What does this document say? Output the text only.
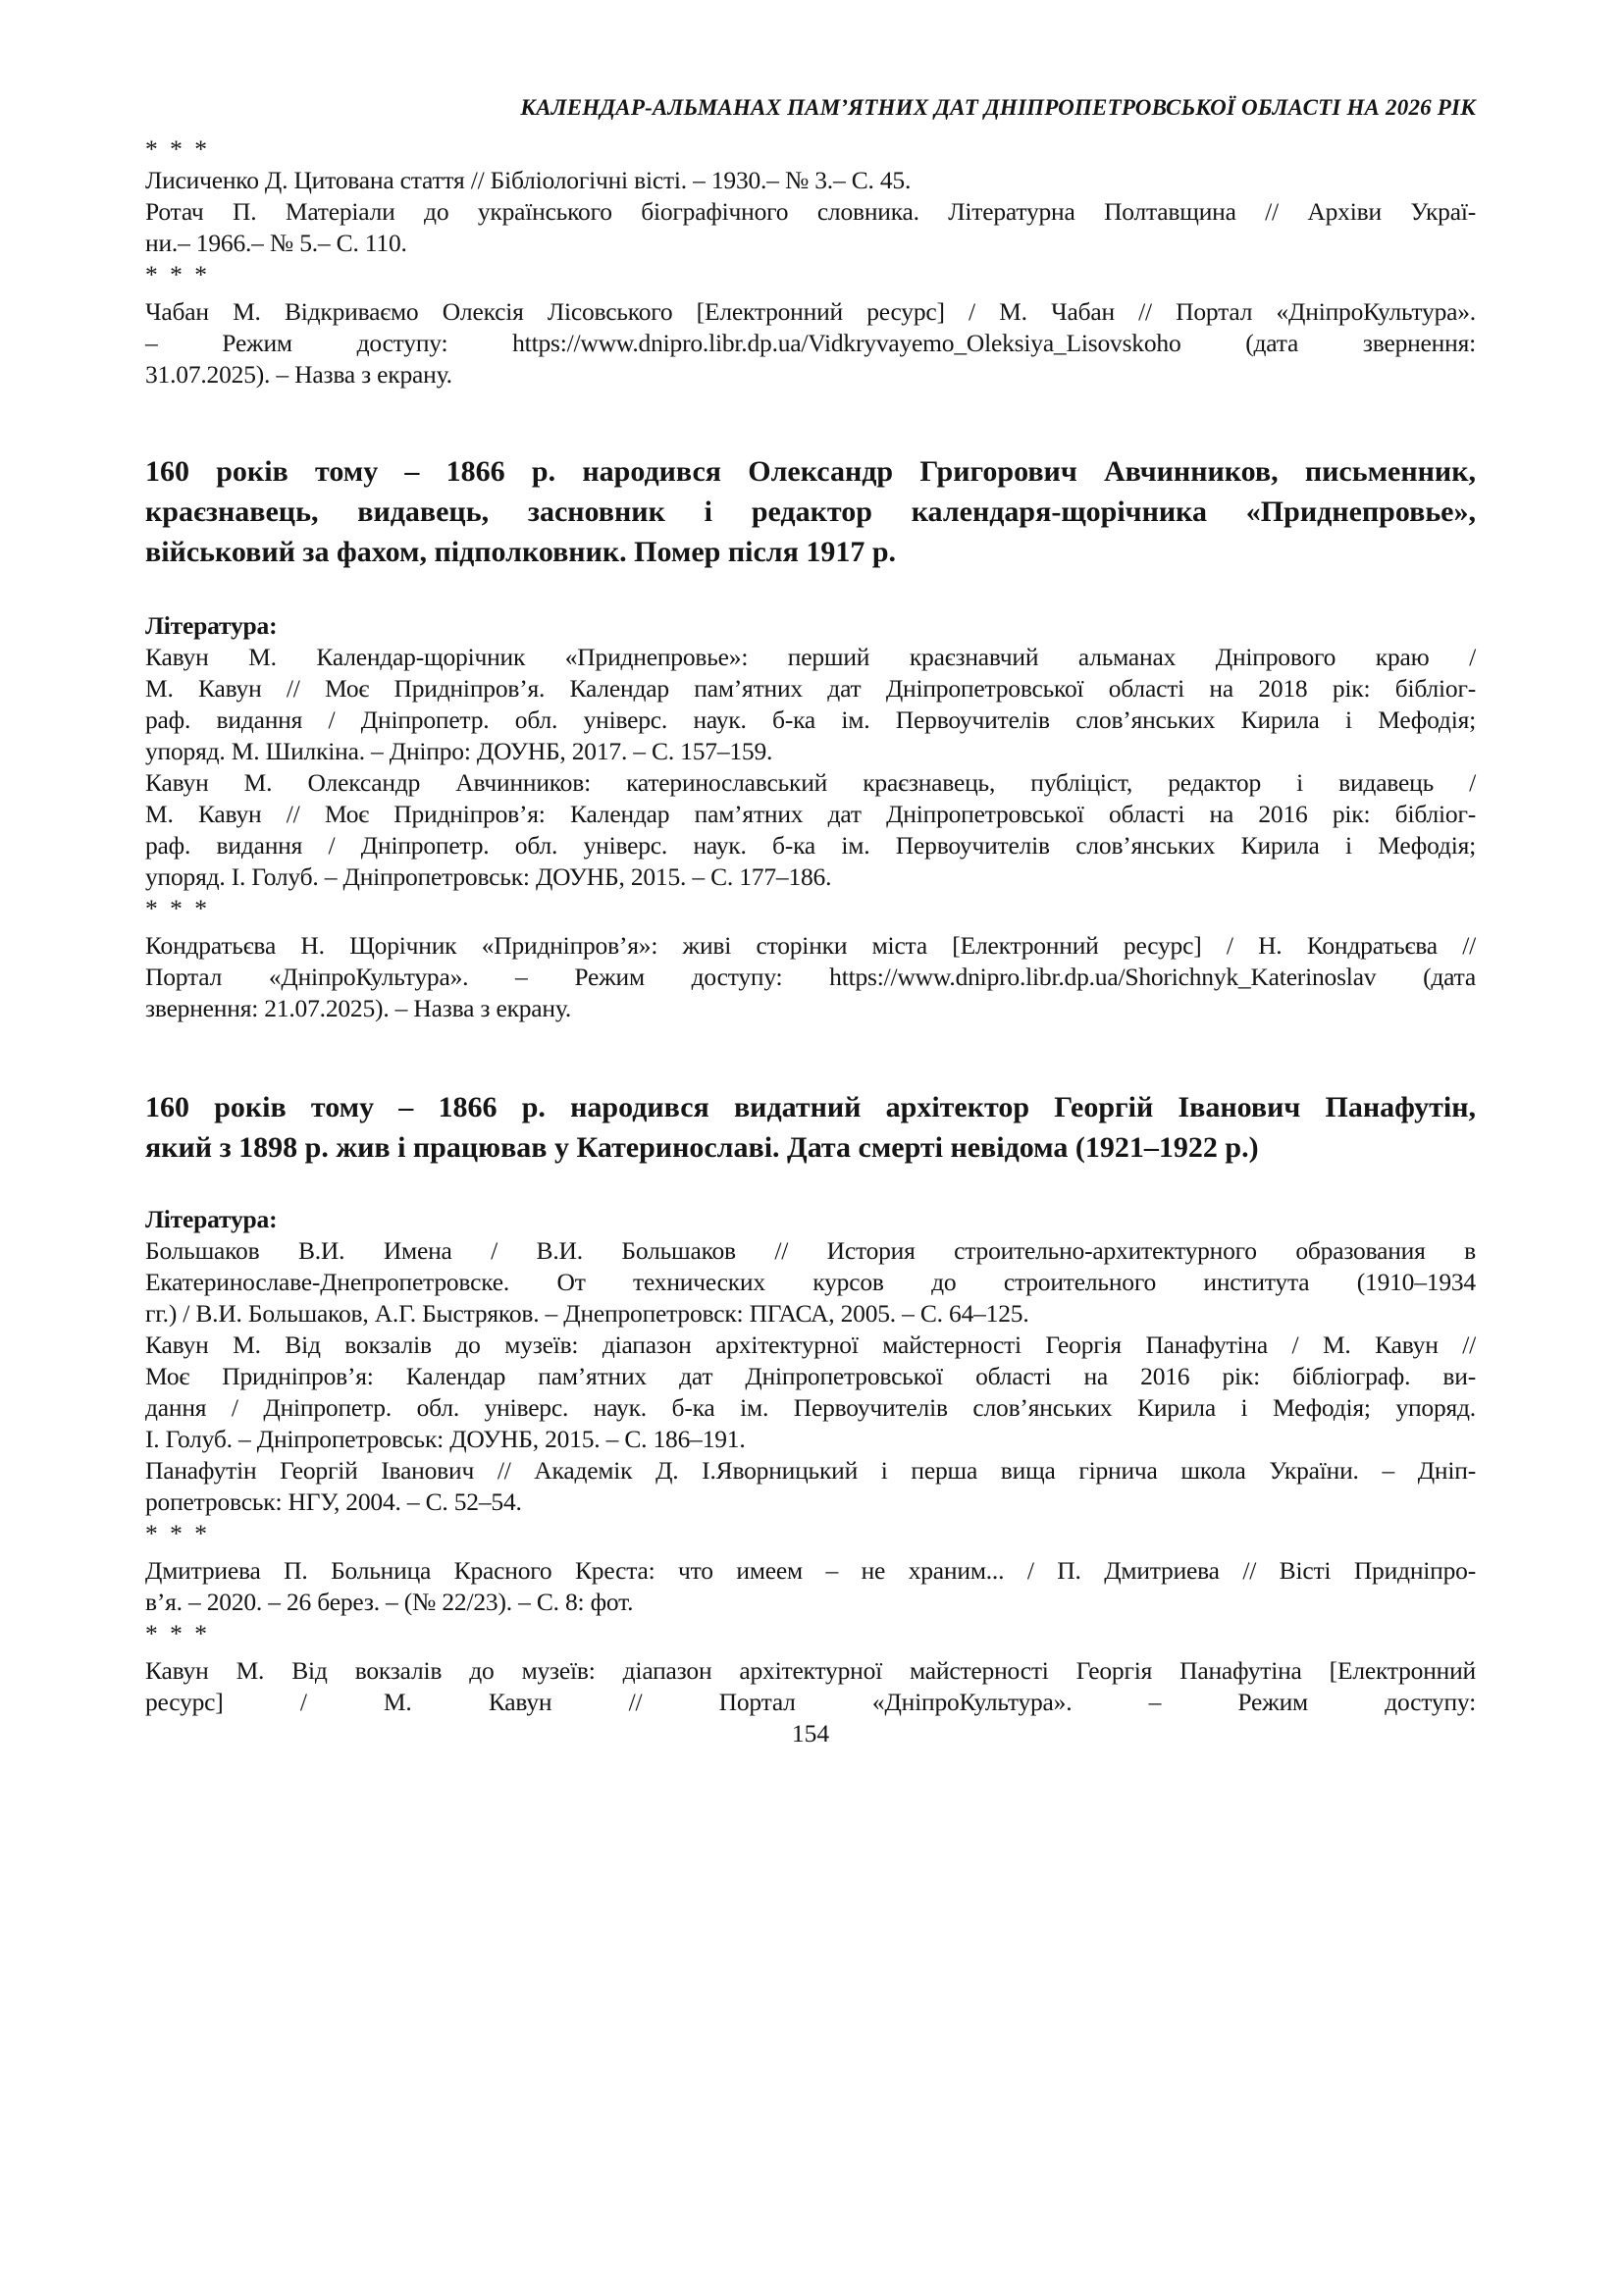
КАЛЕНДАР-АЛЬМАНАХ ПАМ’ЯТНИХ ДАТ ДНІПРОПЕТРОВСЬКОЇ ОБЛАСТІ НА 2026 РІК
* * *
Лисиченко Д. Цитована стаття // Бібліологічні вісті. – 1930.– № 3.– С. 45.
Ротач П. Матеріали до українського біографічного словника. Літературна Полтавщина // Архіви Украї-
ни.– 1966.– № 5.– С. 110.
* * *
Чабан М. Відкриваємо Олексія Лісовського [Електронний ресурс] / М. Чабан // Портал «ДніпроКультура».
– Режим доступу: https://www.dnipro.libr.dp.ua/Vidkryvayemo_Oleksiya_Lisovskoho (дата звернення:
31.07.2025). – Назва з екрану.
160 років тому – 1866 р. народився Олександр Григорович Авчинников, письменник,
краєзнавець, видавець, засновник і редактор календаря-щорічника «Приднепровье»,
військовий за фахом, підполковник. Помер після 1917 р.
Література:
Кавун М. Календар-щорічник «Приднепровье»: перший краєзнавчий альманах Дніпрового краю /
М. Кавун // Моє Придніпров’я. Календар пам’ятних дат Дніпропетровської області на 2018 рік: бібліог-
раф. видання / Дніпропетр. обл. універс. наук. б-ка ім. Первоучителів слов’янських Кирила і Мефодія;
упоряд. М. Шилкіна. – Дніпро: ДОУНБ, 2017. – С. 157–159.
Кавун М. Олександр Авчинников: катеринославський краєзнавець, публіціст, редактор і видавець /
М. Кавун // Моє Придніпров’я: Календар пам’ятних дат Дніпропетровської області на 2016 рік: бібліог-
раф. видання / Дніпропетр. обл. універс. наук. б-ка ім. Первоучителів слов’янських Кирила і Мефодія;
упоряд. І. Голуб. – Дніпропетровськ: ДОУНБ, 2015. – С. 177–186.
* * *
Кондратьєва Н. Щорічник «Придніпров’я»: живі сторінки міста [Електронний ресурс] / Н. Кондратьєва //
Портал «ДніпроКультура». – Режим доступу: https://www.dnipro.libr.dp.ua/Shorichnyk_Katerinoslav (дата
звернення: 21.07.2025). – Назва з екрану.
160 років тому – 1866 р. народився видатний архітектор Георгій Іванович Панафутін,
який з 1898 р. жив і працював у Катеринославі. Дата смерті невідома (1921–1922 р.)
Література:
Большаков В.И. Имена / В.И. Большаков // История строительно-архитектурного образования в
Екатеринославе-Днепропетровске. От технических курсов до строительного института (1910–1934
гг.) / В.И. Большаков, А.Г. Быстряков. – Днепропетровск: ПГАСА, 2005. – С. 64–125.
Кавун М. Від вокзалів до музеїв: діапазон архітектурної майстерності Георгія Панафутіна / М. Кавун //
Моє Придніпров’я: Календар пам’ятних дат Дніпропетровської області на 2016 рік: бібліограф. ви-
дання / Дніпропетр. обл. універс. наук. б-ка ім. Первоучителів слов’янських Кирила і Мефодія; упоряд.
І. Голуб. – Дніпропетровськ: ДОУНБ, 2015. – С. 186–191.
Панафутін Георгій Іванович // Академік Д. І.Яворницький і перша вища гірнича школа України. – Дніп-
ропетровськ: НГУ, 2004. – С. 52–54.
* * *
Дмитриева П. Больница Красного Креста: что имеем – не храним... / П. Дмитриева // Вісті Придніпро-
в’я. – 2020. – 26 берез. – (№ 22/23). – С. 8: фот.
* * *
Кавун М. Від вокзалів до музеїв: діапазон архітектурної майстерності Георгія Панафутіна [Електронний
ресурс] / М. Кавун // Портал «ДніпроКультура». – Режим доступу:
154
